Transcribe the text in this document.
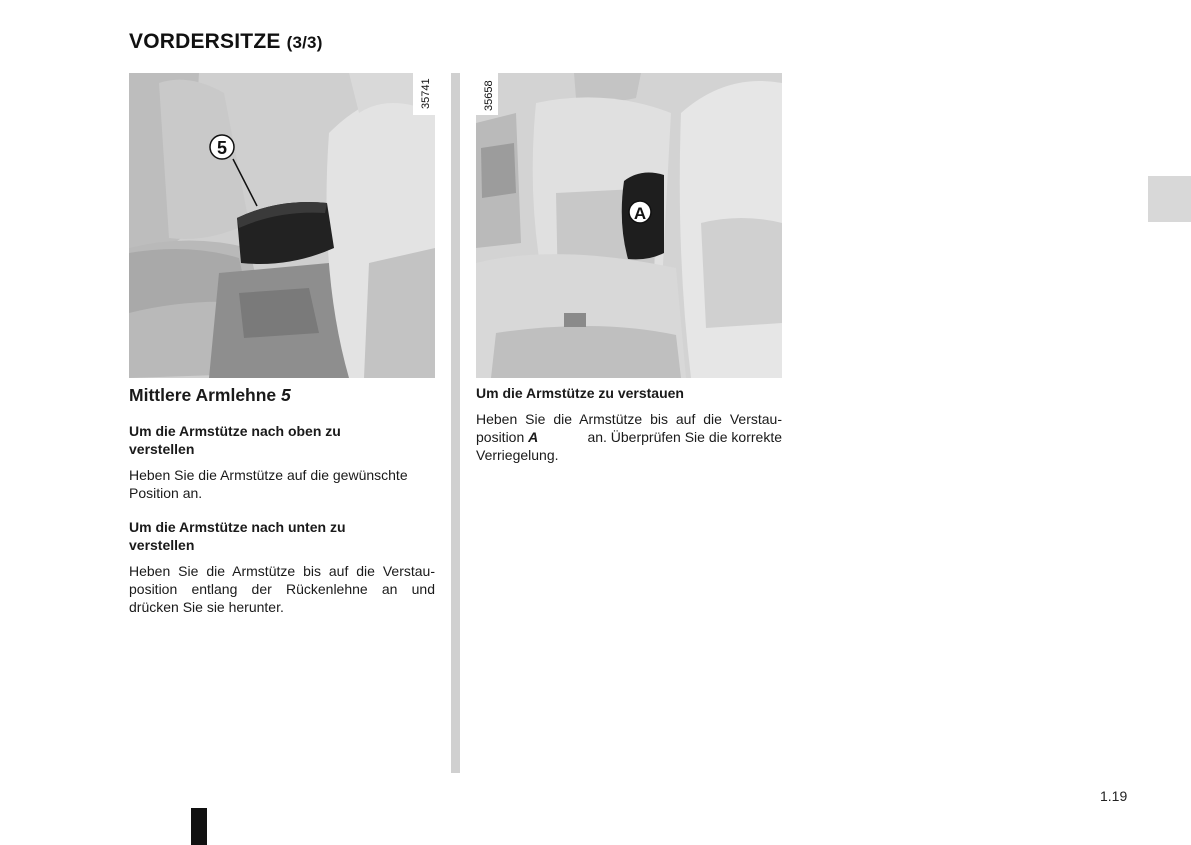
VORDERSITZE (3/3)
35741
5
35658
A
Mittlere Armlehne 5
Um die Armstütze nach oben zu
verstellen
Heben Sie die Armstütze auf die gewünschte
Position an.
Um die Armstütze nach unten zu
verstellen
Heben Sie die Armstütze bis auf die Verstau-
position entlang der Rückenlehne an und
drücken Sie sie herunter.
Um die Armstütze zu verstauen
Heben Sie die Armstütze bis auf die Verstau-
position A	an. Überprüfen Sie die korrekte
Verriegelung.
1.19
